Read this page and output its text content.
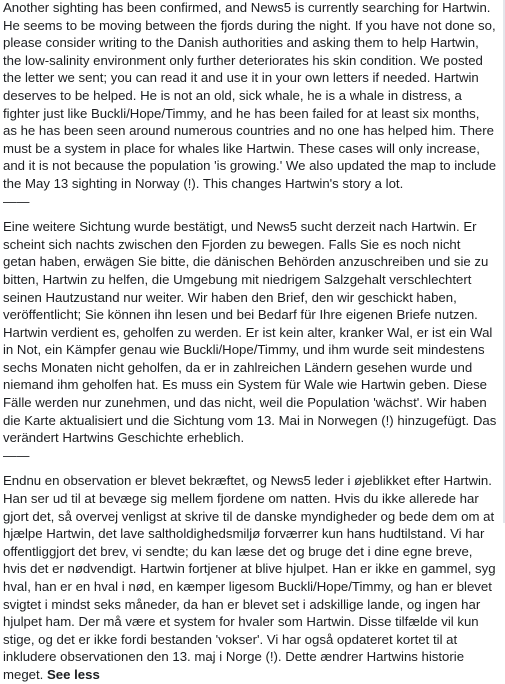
Another sighting has been confirmed, and News5 is currently searching for Hartwin. He seems to be moving between the fjords during the night. If you have not done so, please consider writing to the Danish authorities and asking them to help Hartwin, the low-salinity environment only further deteriorates his skin condition. We posted the letter we sent; you can read it and use it in your own letters if needed. Hartwin deserves to be helped. He is not an old, sick whale, he is a whale in distress, a fighter just like Buckli/Hope/Timmy, and he has been failed for at least six months, as he has been seen around numerous countries and no one has helped him. There must be a system in place for whales like Hartwin. These cases will only increase, and it is not because the population 'is growing.' We also updated the map to include the May 13 sighting in Norway (!). This changes Hartwin's story a lot.

——

Eine weitere Sichtung wurde bestätigt, und News5 sucht derzeit nach Hartwin. Er scheint sich nachts zwischen den Fjorden zu bewegen. Falls Sie es noch nicht getan haben, erwägen Sie bitte, die dänischen Behörden anzuschreiben und sie zu bitten, Hartwin zu helfen, die Umgebung mit niedrigem Salzgehalt verschlechtert seinen Hautzustand nur weiter. Wir haben den Brief, den wir geschickt haben, veröffentlicht; Sie können ihn lesen und bei Bedarf für Ihre eigenen Briefe nutzen. Hartwin verdient es, geholfen zu werden. Er ist kein alter, kranker Wal, er ist ein Wal in Not, ein Kämpfer genau wie Buckli/Hope/Timmy, und ihm wurde seit mindestens sechs Monaten nicht geholfen, da er in zahlreichen Ländern gesehen wurde und niemand ihm geholfen hat. Es muss ein System für Wale wie Hartwin geben. Diese Fälle werden nur zunehmen, und das nicht, weil die Population 'wächst'. Wir haben die Karte aktualisiert und die Sichtung vom 13. Mai in Norwegen (!) hinzugefügt. Das verändert Hartwins Geschichte erheblich.

——

Endnu en observation er blevet bekræftet, og News5 leder i øjeblikket efter Hartwin. Han ser ud til at bevæge sig mellem fjordene om natten. Hvis du ikke allerede har gjort det, så overvej venligst at skrive til de danske myndigheder og bede dem om at hjælpe Hartwin, det lave saltholdighedsmiljø forværrer kun hans hudtilstand. Vi har offentliggjort det brev, vi sendte; du kan læse det og bruge det i dine egne breve, hvis det er nødvendigt. Hartwin fortjener at blive hjulpet. Han er ikke en gammel, syg hval, han er en hval i nød, en kæmper ligesom Buckli/Hope/Timmy, og han er blevet svigtet i mindst seks måneder, da han er blevet set i adskillige lande, og ingen har hjulpet ham. Der må være et system for hvaler som Hartwin. Disse tilfælde vil kun stige, og det er ikke fordi bestanden 'vokser'. Vi har også opdateret kortet til at inkludere observationen den 13. maj i Norge (!). Dette ændrer Hartwins historie meget. See less
